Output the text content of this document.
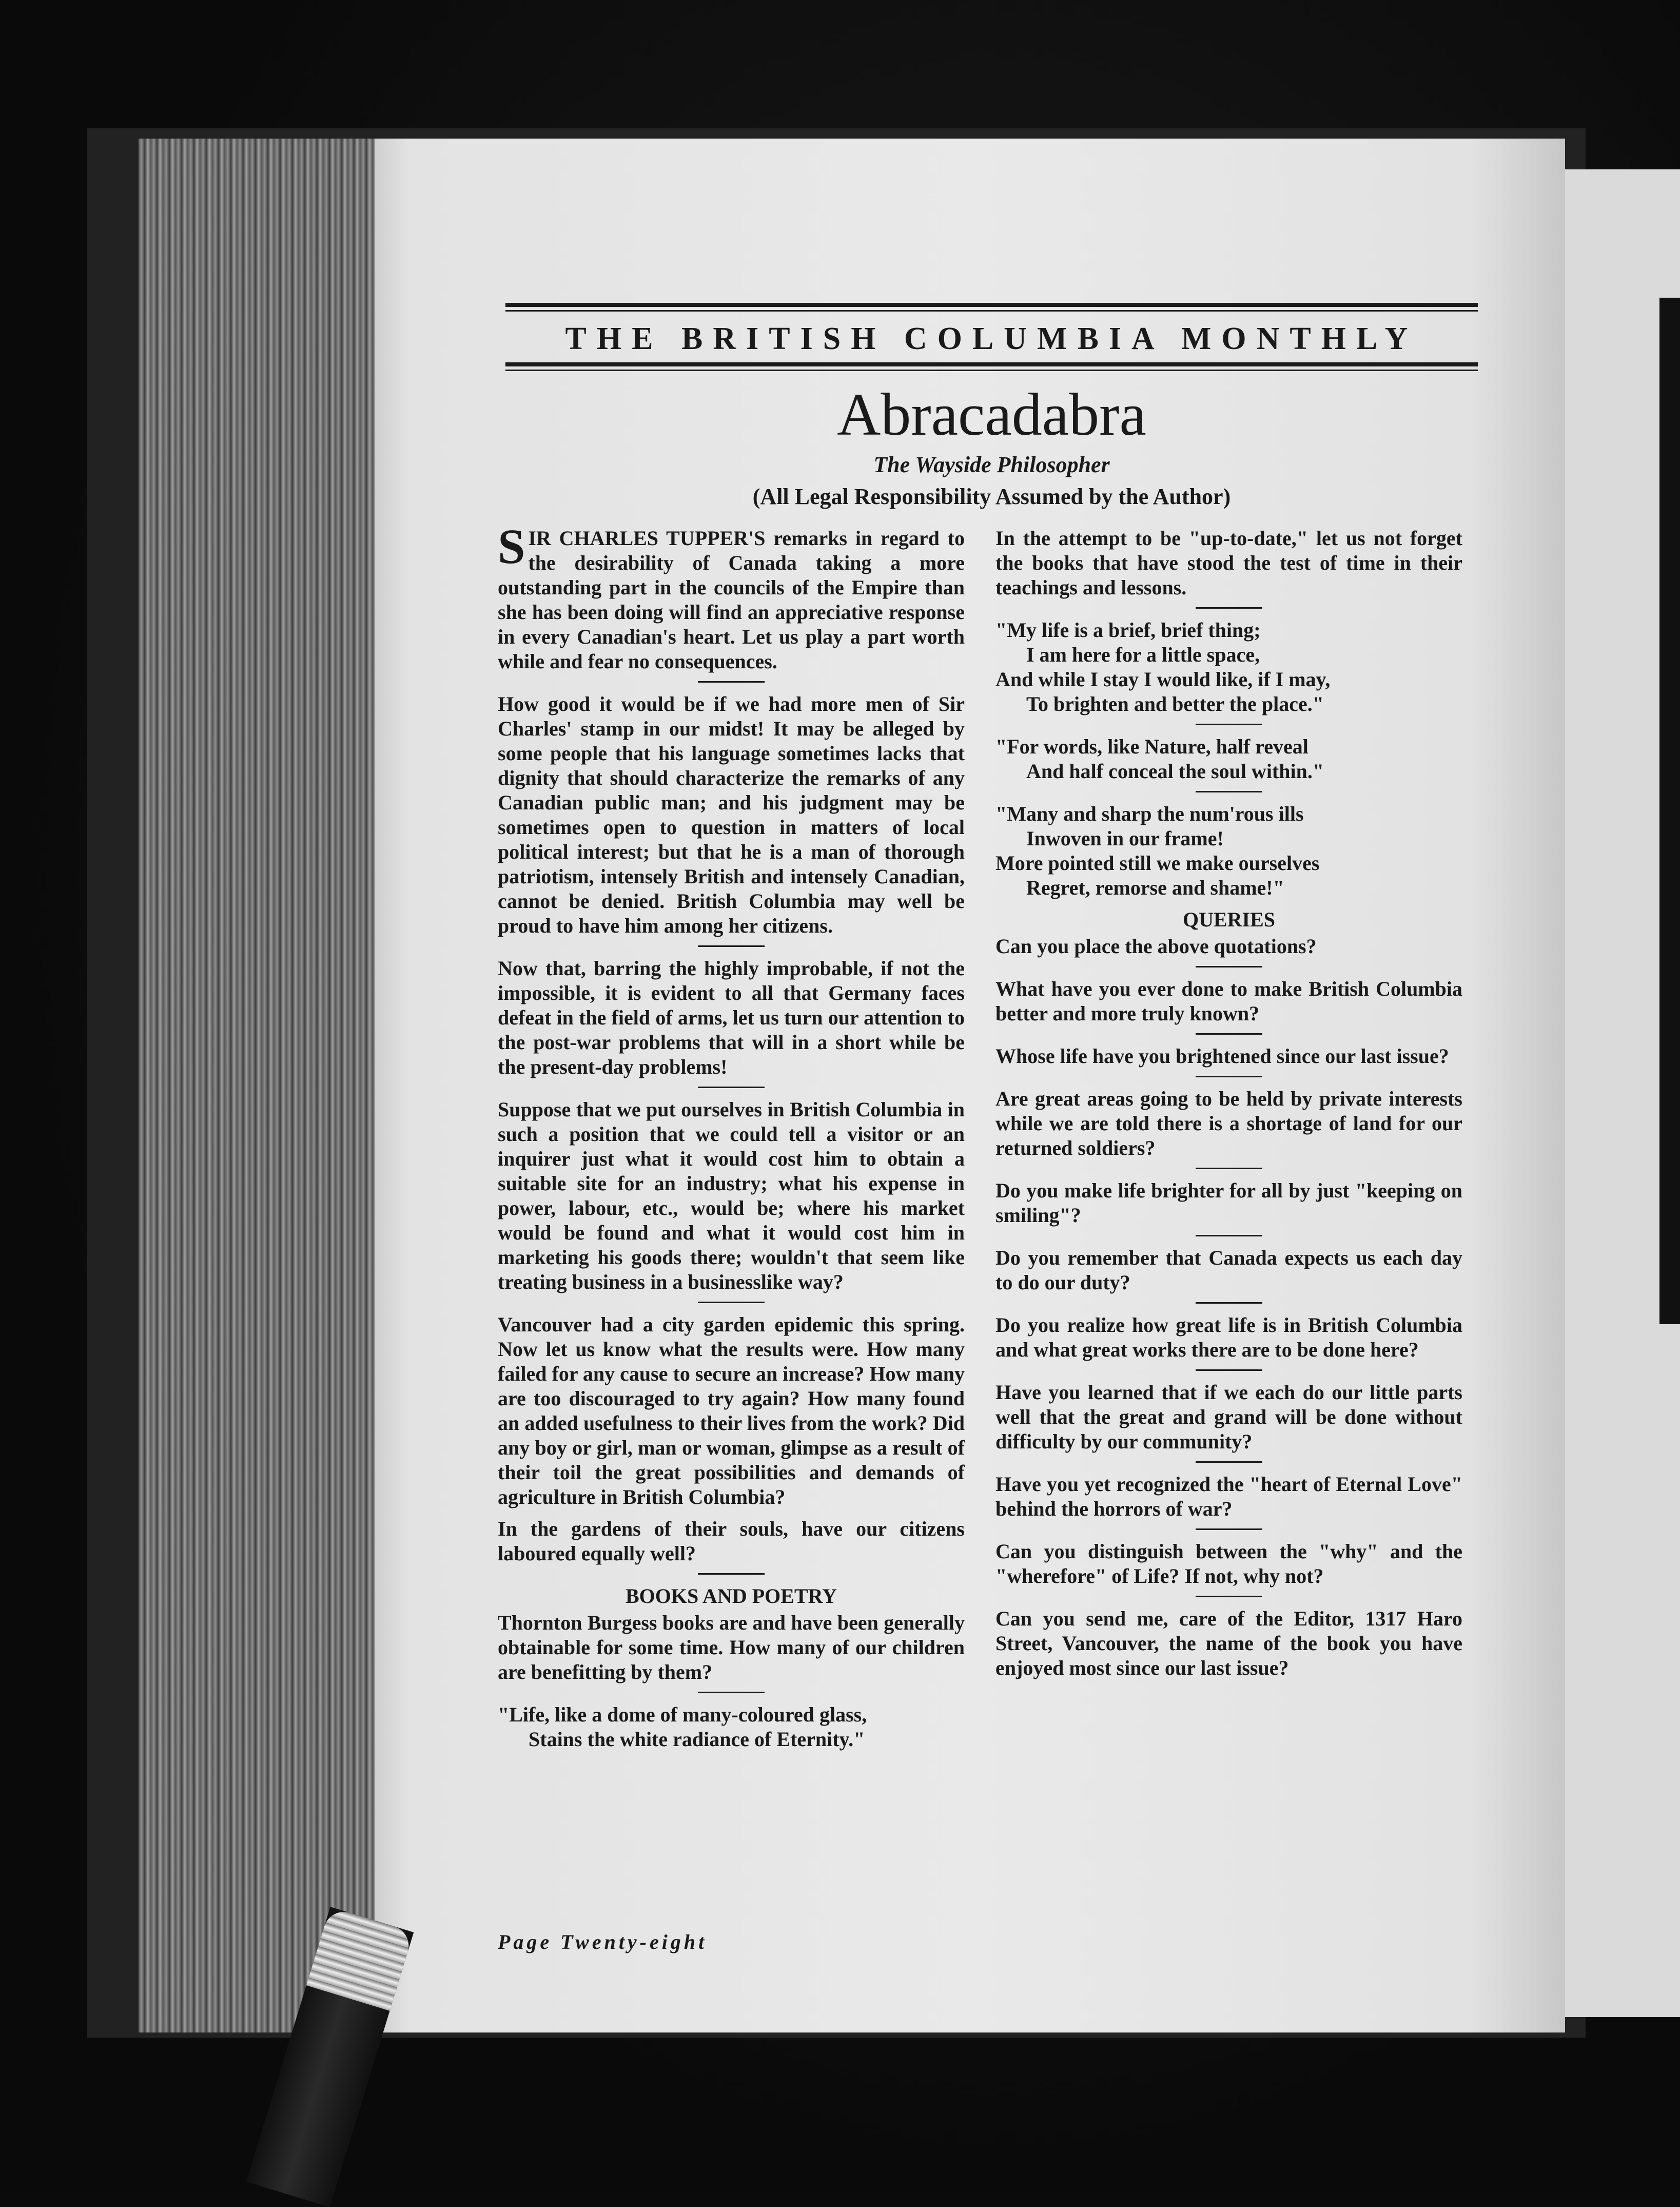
THE BRITISH COLUMBIA MONTHLY
Abracadabra
The Wayside Philosopher
(All Legal Responsibility Assumed by the Author)

SIR CHARLES TUPPER'S remarks in regard to the desirability of Canada taking a more outstanding part in the councils of the Empire than she has been doing will find an appreciative response in every Canadian's heart. Let us play a part worth while and fear no consequences.

How good it would be if we had more men of Sir Charles' stamp in our midst! It may be alleged by some people that his language sometimes lacks that dignity that should characterize the remarks of any Canadian public man; and his judgment may be sometimes open to question in matters of local political interest; but that he is a man of thorough patriotism, intensely British and intensely Canadian, cannot be denied. British Columbia may well be proud to have him among her citizens.

Now that, barring the highly improbable, if not the impossible, it is evident to all that Germany faces defeat in the field of arms, let us turn our attention to the post-war problems that will in a short while be the present-day problems!

Suppose that we put ourselves in British Columbia in such a position that we could tell a visitor or an inquirer just what it would cost him to obtain a suitable site for an industry; what his expense in power, labour, etc., would be; where his market would be found and what it would cost him in marketing his goods there; wouldn't that seem like treating business in a businesslike way?

Vancouver had a city garden epidemic this spring. Now let us know what the results were. How many failed for any cause to secure an increase? How many are too discouraged to try again? How many found an added usefulness to their lives from the work? Did any boy or girl, man or woman, glimpse as a result of their toil the great possibilities and demands of agriculture in British Columbia?

In the gardens of their souls, have our citizens laboured equally well?

BOOKS AND POETRY

Thornton Burgess books are and have been generally obtainable for some time. How many of our children are benefitting by them?

"Life, like a dome of many-coloured glass,

Stains the white radiance of Eternity."

In the attempt to be "up-to-date," let us not forget the books that have stood the test of time in their teachings and lessons.

"My life is a brief, brief thing;

I am here for a little space,

And while I stay I would like, if I may,

To brighten and better the place."

"For words, like Nature, half reveal

And half conceal the soul within."

"Many and sharp the num'rous ills

Inwoven in our frame!

More pointed still we make ourselves

Regret, remorse and shame!"

QUERIES

Can you place the above quotations?

What have you ever done to make British Columbia better and more truly known?

Whose life have you brightened since our last issue?

Are great areas going to be held by private interests while we are told there is a shortage of land for our returned soldiers?

Do you make life brighter for all by just "keeping on smiling"?

Do you remember that Canada expects us each day to do our duty?

Do you realize how great life is in British Columbia and what great works there are to be done here?

Have you learned that if we each do our little parts well that the great and grand will be done without difficulty by our community?

Have you yet recognized the "heart of Eternal Love" behind the horrors of war?

Can you distinguish between the "why" and the "wherefore" of Life? If not, why not?

Can you send me, care of the Editor, 1317 Haro Street, Vancouver, the name of the book you have enjoyed most since our last issue?

Page Twenty-eight
